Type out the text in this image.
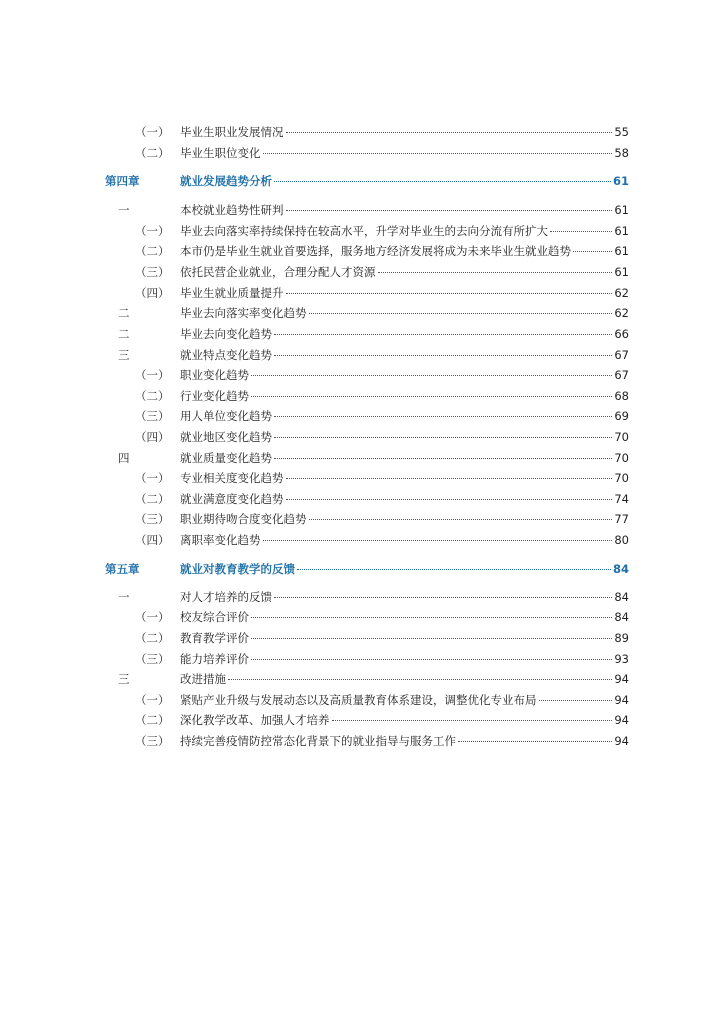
（一） 毕业生职业发展情况	55
（二） 毕业生职位变化	58
第四章	就业发展趋势分析	61
一	本校就业趋势性研判	61
（一） 毕业去向落实率持续保持在较高水平，升学对毕业生的去向分流有所扩大	61
（二） 本市仍是毕业生就业首要选择，服务地方经济发展将成为未来毕业生就业趋势	61
（三） 依托民营企业就业，合理分配人才资源	61
（四） 毕业生就业质量提升	62
二	毕业去向落实率变化趋势	62
二	毕业去向变化趋势	66
三	就业特点变化趋势	67
（一） 职业变化趋势	67
（二） 行业变化趋势	68
（三） 用人单位变化趋势	69
（四） 就业地区变化趋势	70
四	就业质量变化趋势	70
（一） 专业相关度变化趋势	70
（二） 就业满意度变化趋势	74
（三） 职业期待吻合度变化趋势	77
（四） 离职率变化趋势	80
第五章	就业对教育教学的反馈	84
一	对人才培养的反馈	84
（一） 校友综合评价	84
（二） 教育教学评价	89
（三） 能力培养评价	93
三	改进措施	94
（一） 紧贴产业升级与发展动态以及高质量教育体系建设，调整优化专业布局	94
（二） 深化教学改革、加强人才培养	94
（三） 持续完善疫情防控常态化背景下的就业指导与服务工作	94
